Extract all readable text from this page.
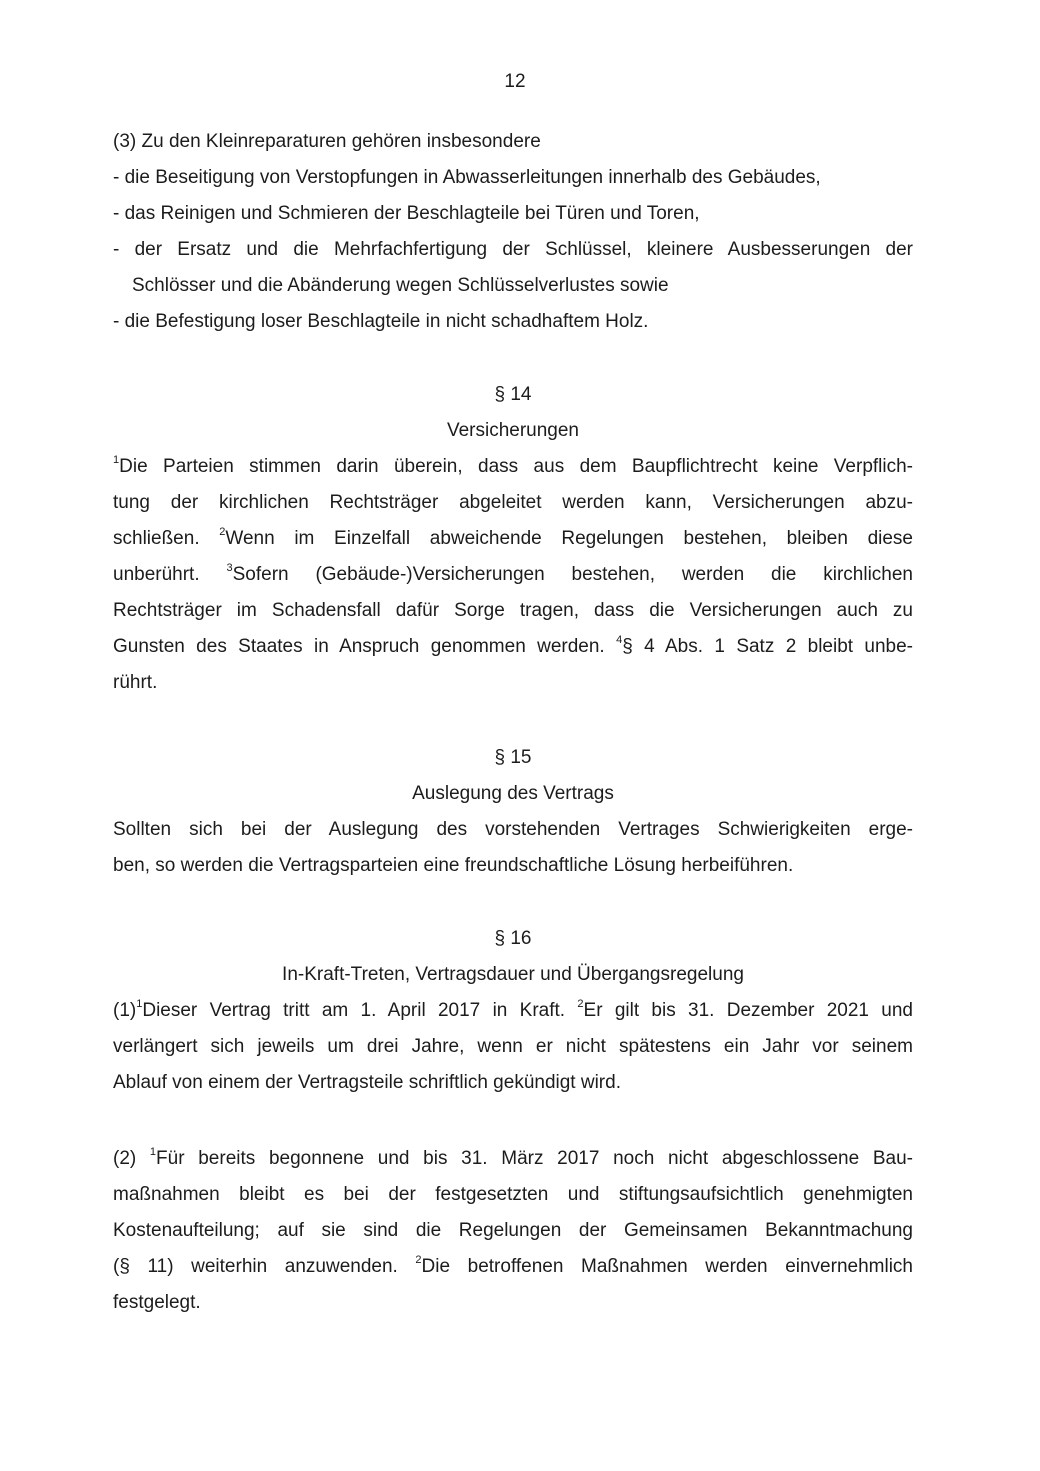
12
(3) Zu den Kleinreparaturen gehören insbesondere
- die Beseitigung von Verstopfungen in Abwasserleitungen innerhalb des Gebäudes,
- das Reinigen und Schmieren der Beschlagteile bei Türen und Toren,
- der Ersatz und die Mehrfachfertigung der Schlüssel, kleinere Ausbesserungen der
Schlösser und die Abänderung wegen Schlüsselverlustes sowie
- die Befestigung loser Beschlagteile in nicht schadhaftem Holz.
§ 14
Versicherungen
$^1$Die Parteien stimmen darin überein, dass aus dem Baupflichtrecht keine Verpflich-
tung der kirchlichen Rechtsträger abgeleitet werden kann, Versicherungen abzu-
schließen. $^2$Wenn im Einzelfall abweichende Regelungen bestehen, bleiben diese
unberührt. $^3$Sofern (Gebäude-)Versicherungen bestehen, werden die kirchlichen
Rechtsträger im Schadensfall dafür Sorge tragen, dass die Versicherungen auch zu
Gunsten des Staates in Anspruch genommen werden. $^4$§ 4 Abs. 1 Satz 2 bleibt unbe-
rührt.
§ 15
Auslegung des Vertrags
Sollten sich bei der Auslegung des vorstehenden Vertrages Schwierigkeiten erge-
ben, so werden die Vertragsparteien eine freundschaftliche Lösung herbeiführen.
§ 16
In-Kraft-Treten, Vertragsdauer und Übergangsregelung
$(1)^1Dieser$ Vertrag tritt am 1. April 2017 in Kraft. $^2$Er gilt bis 31. Dezember 2021 und
verlängert sich jeweils um drei Jahre, wenn er nicht spätestens ein Jahr vor seinem
Ablauf von einem der Vertragsteile schriftlich gekündigt wird.
(2) $^1$Für bereits begonnene und bis 31. März 2017 noch nicht abgeschlossene Bau-
maßnahmen bleibt es bei der festgesetzten und stiftungsaufsichtlich genehmigten
Kostenaufteilung; auf sie sind die Regelungen der Gemeinsamen Bekanntmachung
(§ 11) weiterhin anzuwenden. $^2$Die betroffenen Maßnahmen werden einvernehmlich
festgelegt.
